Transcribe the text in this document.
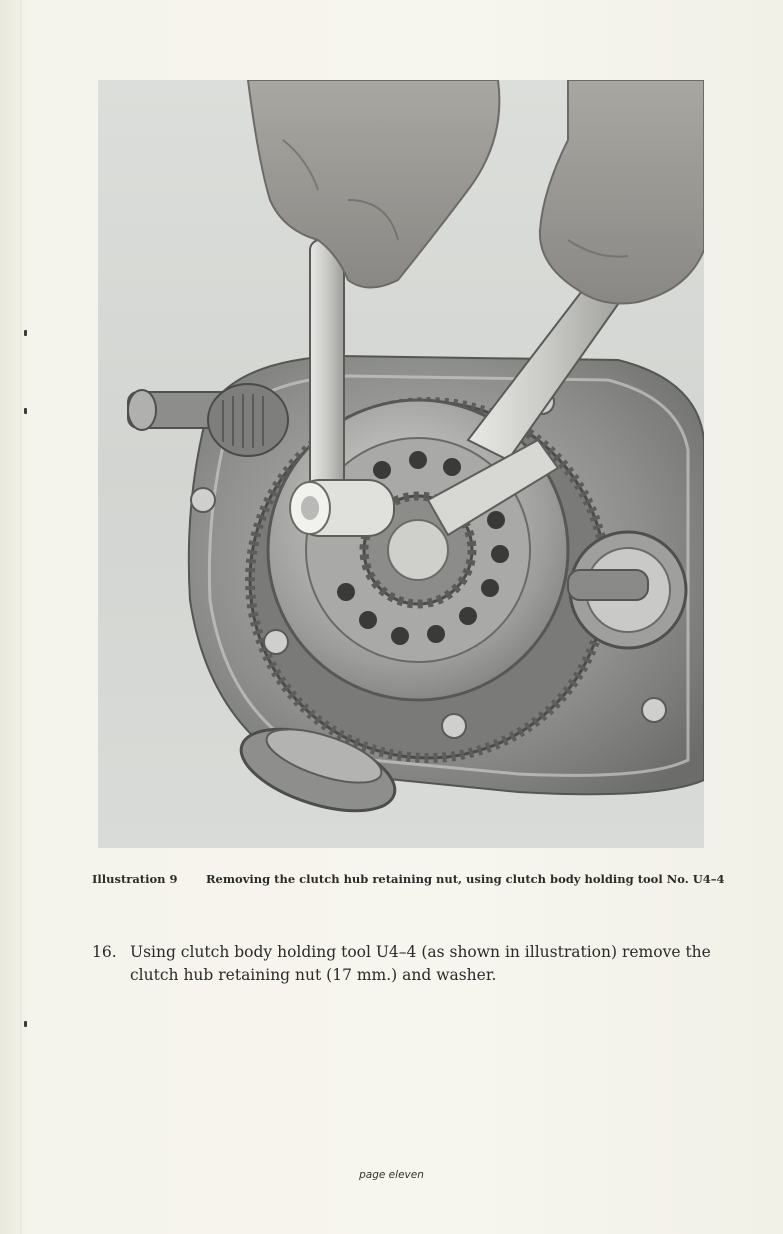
Illustration 9 Removing the clutch hub retaining nut, using clutch body holding tool No. U4–4
16. Using clutch body holding tool U4–4 (as shown in illustration) remove the
clutch hub retaining nut (17 mm.) and washer.
page eleven
